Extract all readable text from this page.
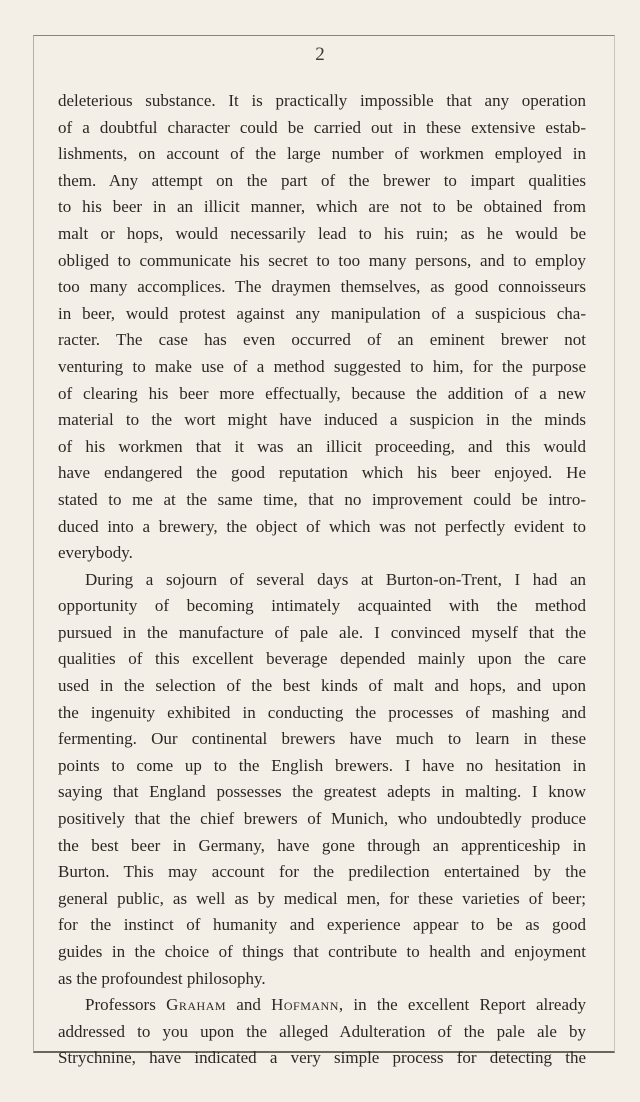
2
deleterious substance. It is practically impossible that any operation
of a doubtful character could be carried out in these extensive estab-
lishments, on account of the large number of workmen employed in
them. Any attempt on the part of the brewer to impart qualities
to his beer in an illicit manner, which are not to be obtained from
malt or hops, would necessarily lead to his ruin; as he would be
obliged to communicate his secret to too many persons, and to employ
too many accomplices. The draymen themselves, as good connoisseurs
in beer, would protest against any manipulation of a suspicious cha-
racter. The case has even occurred of an eminent brewer not
venturing to make use of a method suggested to him, for the purpose
of clearing his beer more effectually, because the addition of a new
material to the wort might have induced a suspicion in the minds
of his workmen that it was an illicit proceeding, and this would
have endangered the good reputation which his beer enjoyed. He
stated to me at the same time, that no improvement could be intro-
duced into a brewery, the object of which was not perfectly evident to
everybody.
During a sojourn of several days at Burton-on-Trent, I had an
opportunity of becoming intimately acquainted with the method
pursued in the manufacture of pale ale. I convinced myself that the
qualities of this excellent beverage depended mainly upon the care
used in the selection of the best kinds of malt and hops, and upon
the ingenuity exhibited in conducting the processes of mashing and
fermenting. Our continental brewers have much to learn in these
points to come up to the English brewers. I have no hesitation in
saying that England possesses the greatest adepts in malting. I know
positively that the chief brewers of Munich, who undoubtedly produce
the best beer in Germany, have gone through an apprenticeship in
Burton. This may account for the predilection entertained by the
general public, as well as by medical men, for these varieties of beer;
for the instinct of humanity and experience appear to be as good
guides in the choice of things that contribute to health and enjoyment
as the profoundest philosophy.
Professors Graham and Hofmann, in the excellent Report already
addressed to you upon the alleged Adulteration of the pale ale by
Strychnine, have indicated a very simple process for detecting the
